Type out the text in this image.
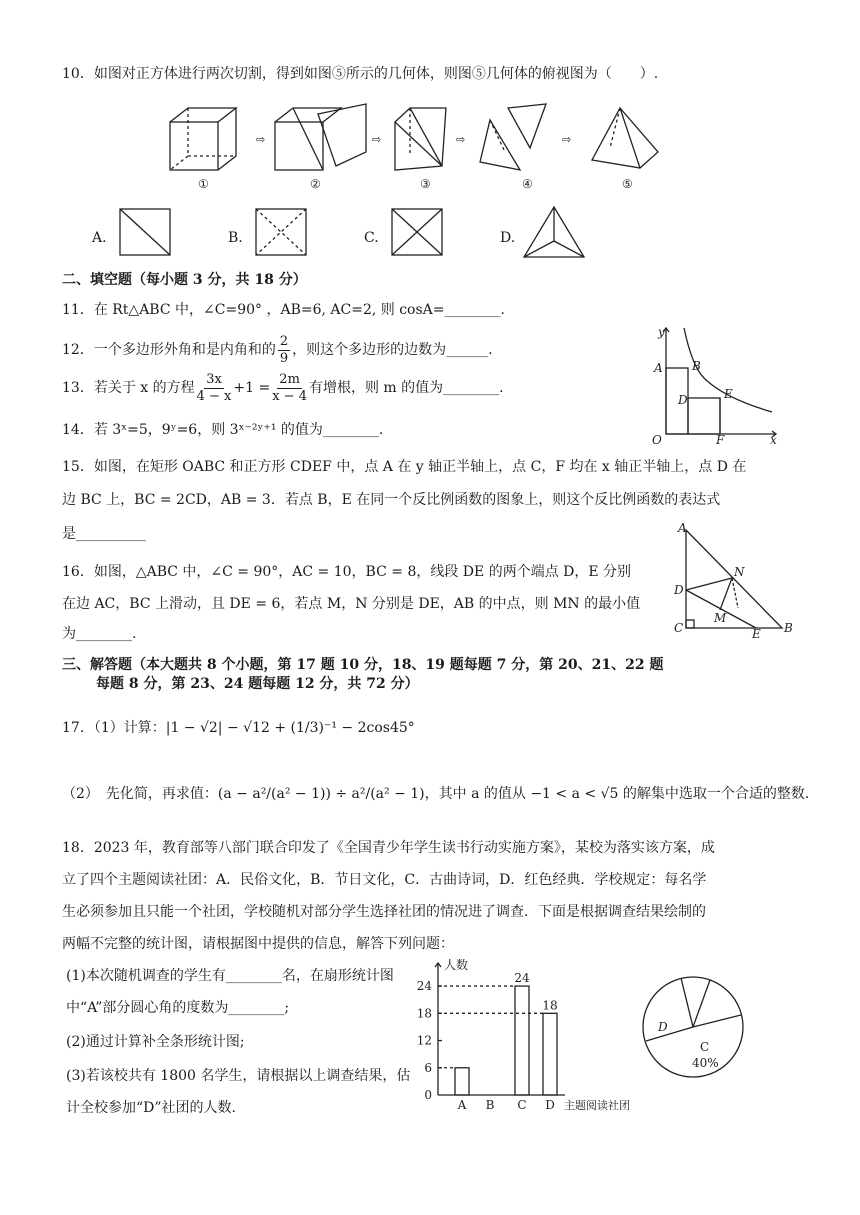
10．如图对正方体进行两次切割，得到如图⑤所示的几何体，则图⑤几何体的俯视图为（　　）.
⇨	⇨	⇨	⇨
①	②	③	④	⑤
A.	B.	C.	D.
二、填空题（每小题 3 分，共 18 分）
11．在 Rt△ABC 中，∠C=90° ，AB=6, AC=2, 则 cosA=________.
12．一个多边形外角和是内角和的 $\frac{2}{9}$ ，则这个多边形的边数为______.
13．若关于 x 的方程 $\frac{3x}{4 - x} +1 = \frac{2m}{x - 4}$ 有增根，则 m 的值为________.
14．若 3ˣ=5，9ʸ=6，则 3ˣ⁻²ʸ⁺¹ 的值为________.
y
A B
D	E
O	F	x
15．如图，在矩形 OABC 和正方形 CDEF 中，点 A 在 y 轴正半轴上，点 C，F 均在 x 轴正半轴上，点 D 在
边 BC 上，BC = 2CD，AB = 3．若点 B，E 在同一个反比例函数的图象上，则这个反比例函数的表达式
是__________
16．如图，△ABC 中，∠C = 90°，AC = 10，BC = 8，线段 DE 的两个端点 D，E 分别
在边 AC，BC 上滑动，且 DE = 6，若点 M，N 分别是 DE，AB 的中点，则 MN 的最小值
为________.
A
D
N
M
C	E B
三、解答题（本大题共 8 个小题，第 17 题 10 分，18、19 题每题 7 分，第 20、21、22 题
每题 8 分，第 23、24 题每题 12 分，共 72 分）
17．（1）计算：|1 − √2| − √12 + (1/3)⁻¹ − 2cos45°
（2）　先化简，再求值：(a − a²/(a² − 1)) ÷ a²/(a² − 1)，其中 a 的值从 −1 < a < √5 的解集中选取一个合适的整数.
18．2023 年，教育部等八部门联合印发了《全国青少年学生读书行动实施方案》，某校为落实该方案，成
立了四个主题阅读社团：A．民俗文化，B．节日文化，C．古曲诗词，D．红色经典．学校规定：每名学
生必须参加且只能一个社团，学校随机对部分学生选择社团的情况进了调查．下面是根据调查结果绘制的
两幅不完整的统计图，请根据图中提供的信息，解答下列问题：
(1)本次随机调查的学生有________名，在扇形统计图
中“A”部分圆心角的度数为________;
(2)通过计算补全条形统计图;
(3)若该校共有 1800 名学生，请根据以上调查结果，估
计全校参加“D”社团的人数.
人数
0
6
12
18
24
A B C
24
D
18
主题阅读社团
D
C
40%
